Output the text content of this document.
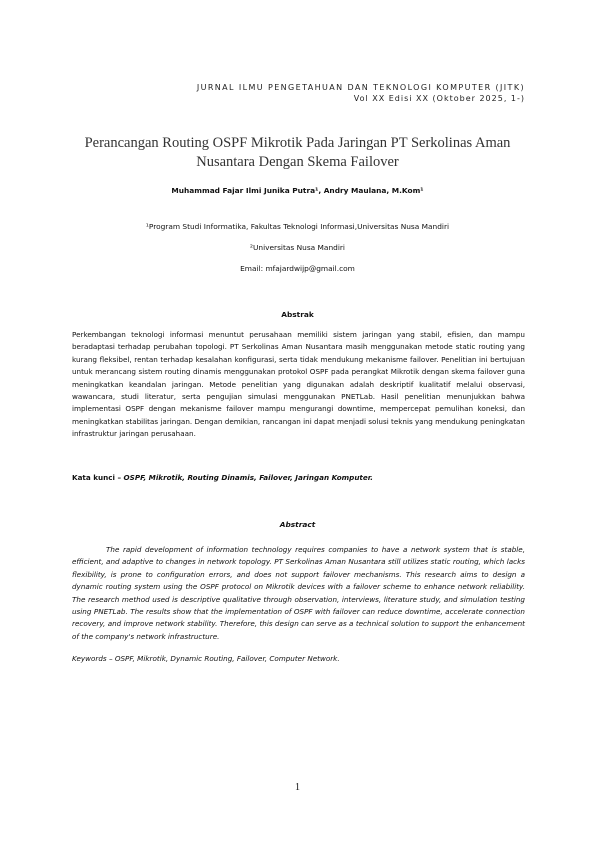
JURNAL ILMU PENGETAHUAN DAN TEKNOLOGI KOMPUTER (JITK)
Vol XX Edisi XX (Oktober 2025, 1-)
Perancangan Routing OSPF Mikrotik Pada Jaringan PT Serkolinas Aman
Nusantara Dengan Skema Failover
Muhammad Fajar Ilmi Junika Putra¹, Andry Maulana, M.Kom¹
¹Program Studi Informatika, Fakultas Teknologi Informasi,Universitas Nusa Mandiri
²Universitas Nusa Mandiri
Email: mfajardwijp@gmail.com
Abstrak
Perkembangan teknologi informasi menuntut perusahaan memiliki sistem jaringan yang stabil, efisien, dan mampu beradaptasi terhadap perubahan topologi. PT Serkolinas Aman Nusantara masih menggunakan metode static routing yang kurang fleksibel, rentan terhadap kesalahan konfigurasi, serta tidak mendukung mekanisme failover. Penelitian ini bertujuan untuk merancang sistem routing dinamis menggunakan protokol OSPF pada perangkat Mikrotik dengan skema failover guna meningkatkan keandalan jaringan. Metode penelitian yang digunakan adalah deskriptif kualitatif melalui observasi, wawancara, studi literatur, serta pengujian simulasi menggunakan PNETLab. Hasil penelitian menunjukkan bahwa implementasi OSPF dengan mekanisme failover mampu mengurangi downtime, mempercepat pemulihan koneksi, dan meningkatkan stabilitas jaringan. Dengan demikian, rancangan ini dapat menjadi solusi teknis yang mendukung peningkatan infrastruktur jaringan perusahaan.
Kata kunci – OSPF, Mikrotik, Routing Dinamis, Failover, Jaringan Komputer.
Abstract
The rapid development of information technology requires companies to have a network system that is stable, efficient, and adaptive to changes in network topology. PT Serkolinas Aman Nusantara still utilizes static routing, which lacks flexibility, is prone to configuration errors, and does not support failover mechanisms. This research aims to design a dynamic routing system using the OSPF protocol on Mikrotik devices with a failover scheme to enhance network reliability. The research method used is descriptive qualitative through observation, interviews, literature study, and simulation testing using PNETLab. The results show that the implementation of OSPF with failover can reduce downtime, accelerate connection recovery, and improve network stability. Therefore, this design can serve as a technical solution to support the enhancement of the company's network infrastructure.
Keywords – OSPF, Mikrotik, Dynamic Routing, Failover, Computer Network.
1
